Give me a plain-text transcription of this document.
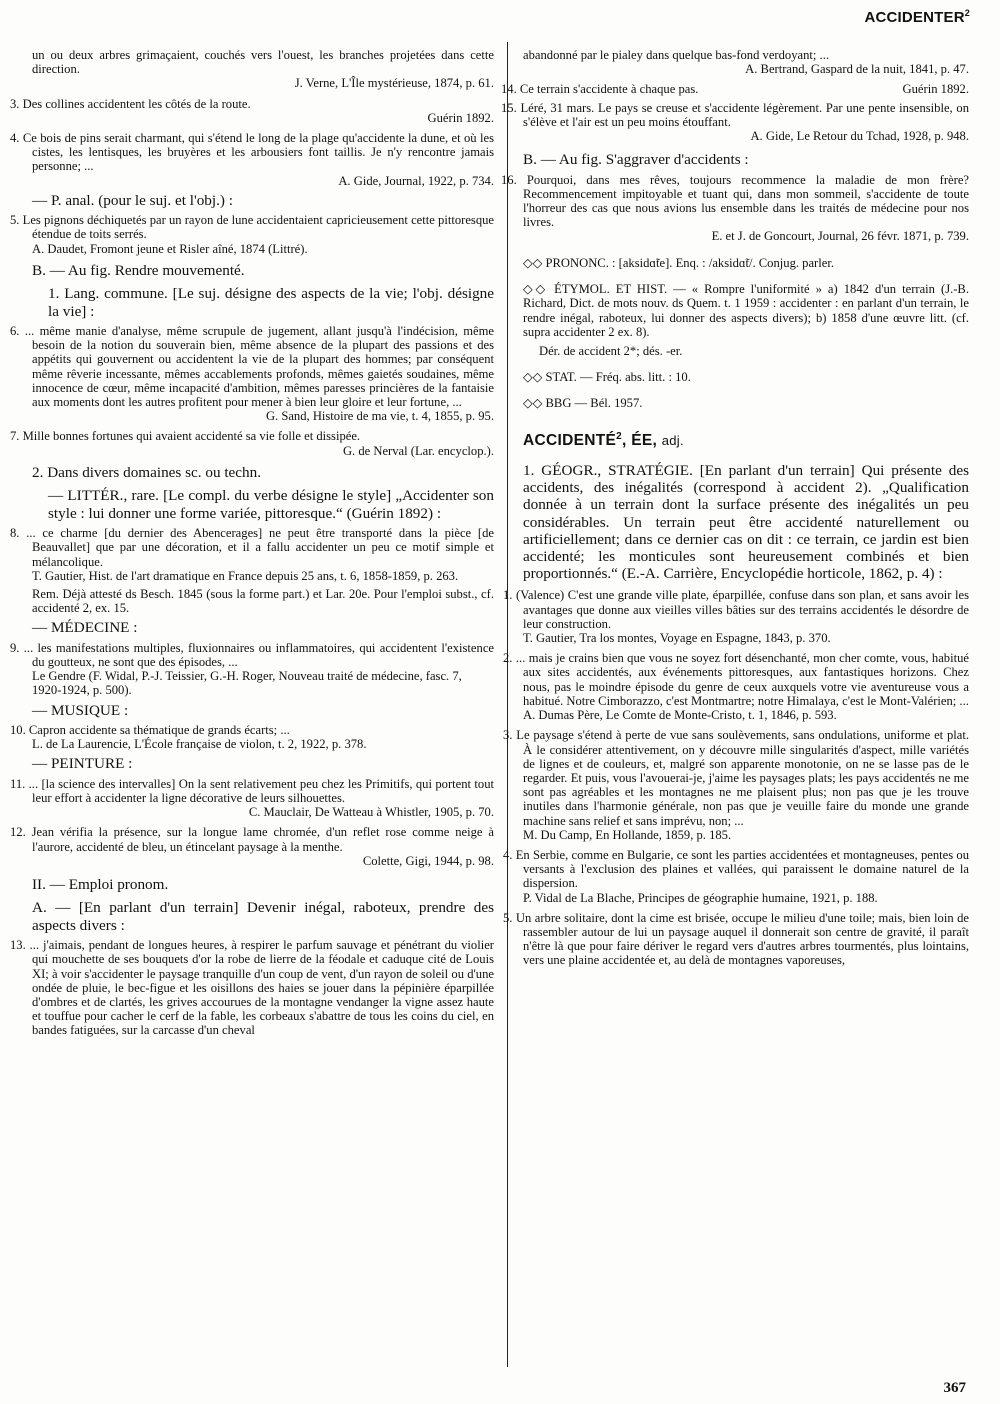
ACCIDENTER$^2$

un ou deux arbres grimaçaient, couchés vers l'ouest, les branches projetées dans cette direction.

J. Verne, L'Île mystérieuse, 1874, p. 61.

3. Des collines accidentent les côtés de la route.

Guérin 1892.

4. Ce bois de pins serait charmant, qui s'étend le long de la plage qu'accidente la dune, et où les cistes, les lentisques, les bruyères et les arbousiers font taillis. Je n'y rencontre jamais personne; ...

A. Gide, Journal, 1922, p. 734.

— P. anal. (pour le suj. et l'obj.) :

5. Les pignons déchiquetés par un rayon de lune accidentaient capricieusement cette pittoresque étendue de toits serrés.

A. Daudet, Fromont jeune et Risler aîné, 1874 (Littré).

B. — Au fig. Rendre mouvementé.

1. Lang. commune. [Le suj. désigne des aspects de la vie; l'obj. désigne la vie] :

6. ... même manie d'analyse, même scrupule de jugement, allant jusqu'à l'indécision, même besoin de la notion du souverain bien, même absence de la plupart des passions et des appétits qui gouvernent ou accidentent la vie de la plupart des hommes; par conséquent même rêverie incessante, mêmes accablements profonds, mêmes gaietés soudaines, même innocence de cœur, même incapacité d'ambition, mêmes paresses princières de la fantaisie aux moments dont les autres profitent pour mener à bien leur gloire et leur fortune, ...

G. Sand, Histoire de ma vie, t. 4, 1855, p. 95.

7. Mille bonnes fortunes qui avaient accidenté sa vie folle et dissipée.

G. de Nerval (Lar. encyclop.).

2. Dans divers domaines sc. ou techn.

— LITTÉR., rare. [Le compl. du verbe désigne le style] „Accidenter son style : lui donner une forme variée, pittoresque.“ (Guérin 1892) :

8. ... ce charme [du dernier des Abencerages] ne peut être transporté dans la pièce [de Beauvallet] que par une décoration, et il a fallu accidenter un peu ce motif simple et mélancolique.

T. Gautier, Hist. de l'art dramatique en France depuis 25 ans, t. 6, 1858-1859, p. 263.

Rem. Déjà attesté ds Besch. 1845 (sous la forme part.) et Lar. 20e. Pour l'emploi subst., cf. accidenté 2, ex. 15.

— MÉDECINE :

9. ... les manifestations multiples, fluxionnaires ou inflammatoires, qui accidentent l'existence du goutteux, ne sont que des épisodes, ...

Le Gendre (F. Widal, P.-J. Teissier, G.-H. Roger, Nouveau traité de médecine, fasc. 7, 1920-1924, p. 500).

— MUSIQUE :

10. Capron accidente sa thématique de grands écarts; ...

L. de La Laurencie, L'École française de violon, t. 2, 1922, p. 378.

— PEINTURE :

11. ... [la science des intervalles] On la sent relativement peu chez les Primitifs, qui portent tout leur effort à accidenter la ligne décorative de leurs silhouettes.

C. Mauclair, De Watteau à Whistler, 1905, p. 70.

12. Jean vérifia la présence, sur la longue lame chromée, d'un reflet rose comme neige à l'aurore, accidenté de bleu, un étincelant paysage à la menthe.

Colette, Gigi, 1944, p. 98.

II. — Emploi pronom.

A. — [En parlant d'un terrain] Devenir inégal, raboteux, prendre des aspects divers :

13. ... j'aimais, pendant de longues heures, à respirer le parfum sauvage et pénétrant du violier qui mouchette de ses bouquets d'or la robe de lierre de la féodale et caduque cité de Louis XI; à voir s'accidenter le paysage tranquille d'un coup de vent, d'un rayon de soleil ou d'une ondée de pluie, le bec-figue et les oisillons des haies se jouer dans la pépinière éparpillée d'ombres et de clartés, les grives accourues de la montagne vendanger la vigne assez haute et touffue pour cacher le cerf de la fable, les corbeaux s'abattre de tous les coins du ciel, en bandes fatiguées, sur la carcasse d'un cheval

abandonné par le pialey dans quelque bas-fond verdoyant; ...

A. Bertrand, Gaspard de la nuit, 1841, p. 47.

14. Ce terrain s'accidente à chaque pas.	Guérin 1892.

15. Léré, 31 mars. Le pays se creuse et s'accidente légèrement. Par une pente insensible, on s'élève et l'air est un peu moins étouffant.

A. Gide, Le Retour du Tchad, 1928, p. 948.

B. — Au fig. S'aggraver d'accidents :

16. Pourquoi, dans mes rêves, toujours recommence la maladie de mon frère? Recommencement impitoyable et tuant qui, dans mon sommeil, s'accidente de toute l'horreur des cas que nous avions lus ensemble dans les traités de médecine pour nos livres.

E. et J. de Goncourt, Journal, 26 févr. 1871, p. 739.

◇◇ PRONONC. : [aksidɑ̃te]. Enq. : /aksidɑ̃t/. Conjug. parler.

◇◇ ÉTYMOL. ET HIST. — « Rompre l'uniformité » a) 1842 d'un terrain (J.-B. Richard, Dict. de mots nouv. ds Quem. t. 1 1959 : accidenter : en parlant d'un terrain, le rendre inégal, raboteux, lui donner des aspects divers); b) 1858 d'une œuvre litt. (cf. supra accidenter 2 ex. 8).

Dér. de accident 2*; dés. -er.

◇◇ STAT. — Fréq. abs. litt. : 10.

◇◇ BBG — Bél. 1957.

ACCIDENTÉ$^2$, ÉE, adj.

1. GÉOGR., STRATÉGIE. [En parlant d'un terrain] Qui présente des accidents, des inégalités (correspond à accident 2). „Qualification donnée à un terrain dont la surface présente des inégalités un peu considérables. Un terrain peut être accidenté naturellement ou artificiellement; dans ce dernier cas on dit : ce terrain, ce jardin est bien accidenté; les monticules sont heureusement combinés et bien proportionnés.“ (E.-A. Carrière, Encyclopédie horticole, 1862, p. 4) :

1. (Valence) C'est une grande ville plate, éparpillée, confuse dans son plan, et sans avoir les avantages que donne aux vieilles villes bâties sur des terrains accidentés le désordre de leur construction.

T. Gautier, Tra los montes, Voyage en Espagne, 1843, p. 370.

2. ... mais je crains bien que vous ne soyez fort désenchanté, mon cher comte, vous, habitué aux sites accidentés, aux événements pittoresques, aux fantastiques horizons. Chez nous, pas le moindre épisode du genre de ceux auxquels votre vie aventureuse vous a habitué. Notre Cimborazzo, c'est Montmartre; notre Himalaya, c'est le Mont-Valérien; ...

A. Dumas Père, Le Comte de Monte-Cristo, t. 1, 1846, p. 593.

3. Le paysage s'étend à perte de vue sans soulèvements, sans ondulations, uniforme et plat. À le considérer attentivement, on y découvre mille singularités d'aspect, mille variétés de lignes et de couleurs, et, malgré son apparente monotonie, on ne se lasse pas de le regarder. Et puis, vous l'avouerai-je, j'aime les paysages plats; les pays accidentés ne me sont pas agréables et les montagnes ne me plaisent plus; non pas que je les trouve inutiles dans l'harmonie générale, non pas que je veuille faire du monde une grande machine sans relief et sans imprévu, non; ...

M. Du Camp, En Hollande, 1859, p. 185.

4. En Serbie, comme en Bulgarie, ce sont les parties accidentées et montagneuses, pentes ou versants à l'exclusion des plaines et vallées, qui paraissent le domaine naturel de la dispersion.

P. Vidal de La Blache, Principes de géographie humaine, 1921, p. 188.

5. Un arbre solitaire, dont la cime est brisée, occupe le milieu d'une toile; mais, bien loin de rassembler autour de lui un paysage auquel il donnerait son centre de gravité, il paraît n'être là que pour faire dériver le regard vers d'autres arbres tourmentés, plus lointains, vers une plaine accidentée et, au delà de montagnes vaporeuses,

367
